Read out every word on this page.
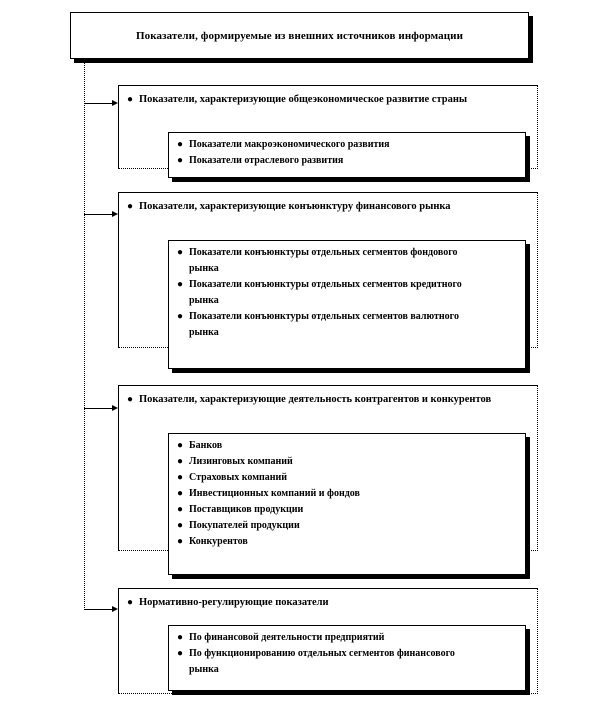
Показатели, формируемые из внешних источников информации
● Показатели, характеризующие общеэкономическое развитие страны
● Показатели макроэкономического развития
● Показатели отраслевого развития
● Показатели, характеризующие конъюнктуру финансового рынка
● Показатели конъюнктуры отдельных сегментов фондового рынка
● Показатели конъюнктуры отдельных сегментов кредитного рынка
● Показатели конъюнктуры отдельных сегментов валютного рынка
● Показатели, характеризующие деятельность контрагентов и конкурентов
● Банков
● Лизинговых компаний
● Страховых компаний
● Инвестиционных компаний и фондов
● Поставщиков продукции
● Покупателей продукции
● Конкурентов
● Нормативно-регулирующие показатели
● По финансовой деятельности предприятий
● По функционированию отдельных сегментов финансового рынка
